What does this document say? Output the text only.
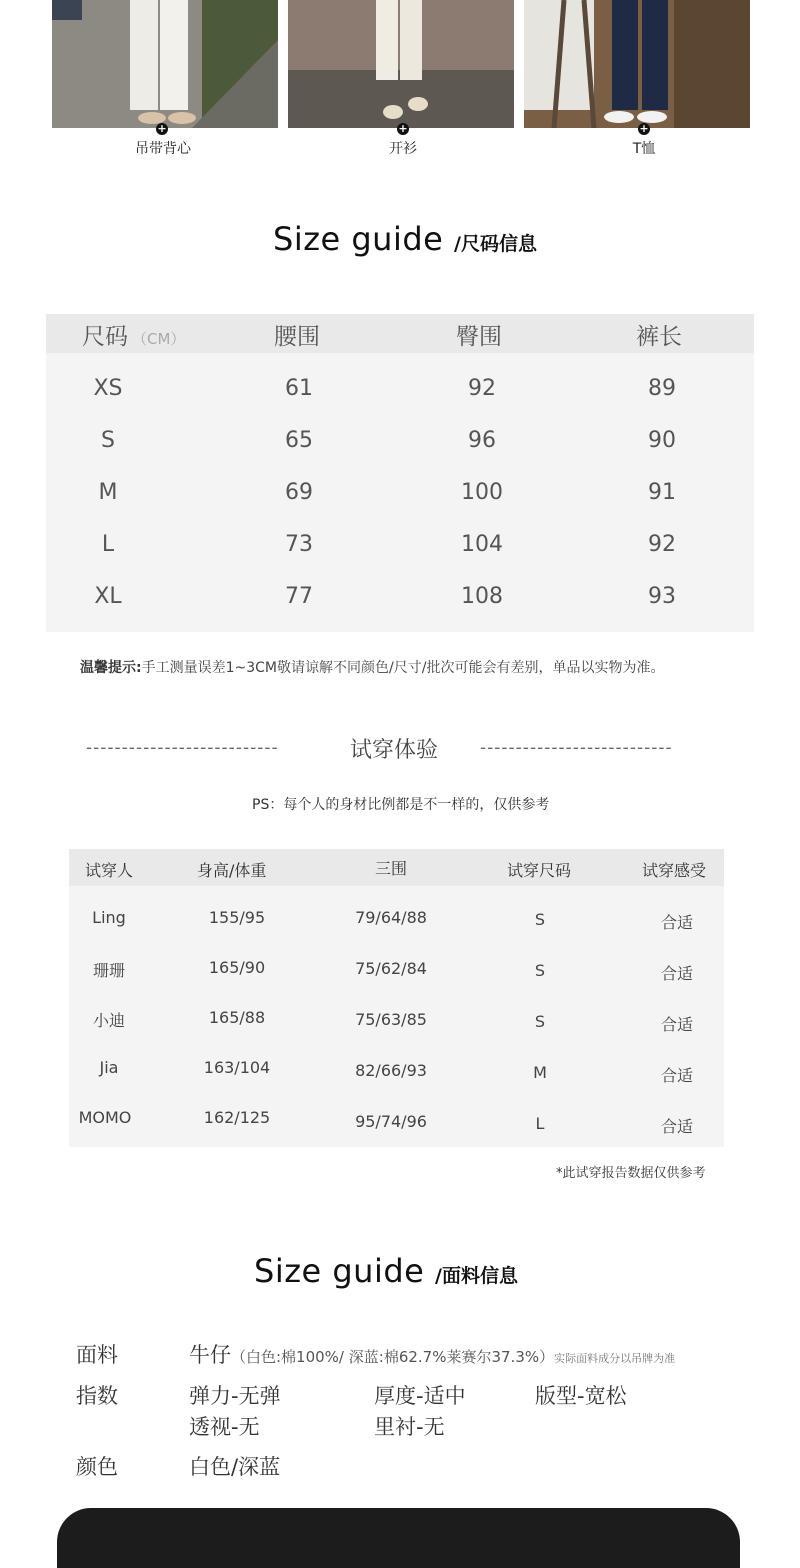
+	+	+
吊带背心	开衫	T恤
Size guide /尺码信息
尺码 （CM）	腰围	臀围	裤长
XS	61	92	89
S	65	96	90
M	69	100	91
L	73	104	92
XL	77	108	93
温馨提示:手工测量误差1~3CM敬请谅解不同颜色/尺寸/批次可能会有差别，单品以实物为准。
---------------------------	试穿体验 ---------------------------
PS：每个人的身材比例都是不一样的，仅供参考
试穿人	身高/体重	三围	试穿尺码	试穿感受
Ling	155/95	79/64/88	S	合适
珊珊	165/90	75/62/84	S	合适
小迪	165/88	75/63/85	S	合适
Jia	163/104	82/66/93	M	合适
MOMO	162/125	95/74/96	L	合适
*此试穿报告数据仅供参考
Size guide /面料信息
面料	牛仔（白色:棉100%/ 深蓝:棉62.7%莱赛尔37.3%）实际面料成分以吊牌为准
指数	弹力-无弹	厚度-适中	版型-宽松
透视-无	里衬-无
颜色	白色/深蓝
